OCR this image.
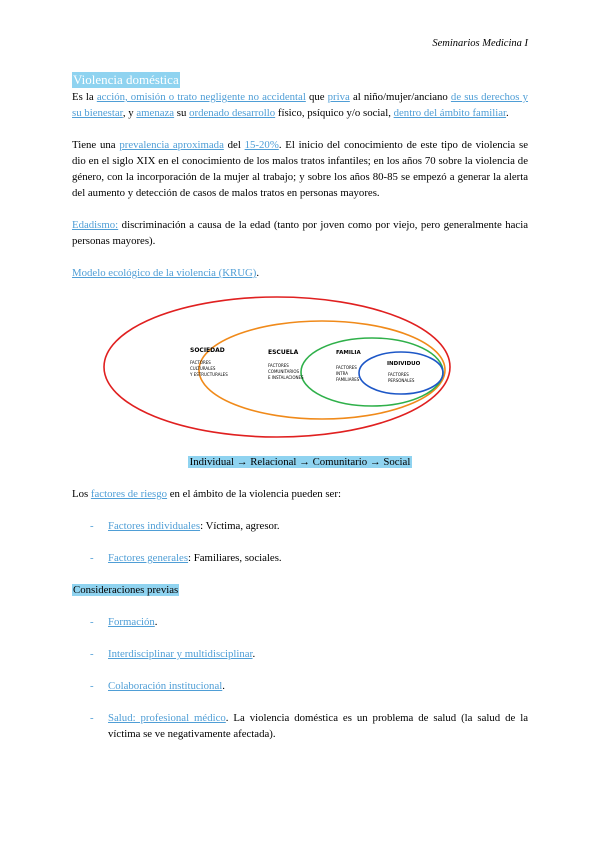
Seminarios Medicina I
Violencia doméstica

Es la acción, omisión o trato negligente no accidental que priva al niño/mujer/anciano de sus derechos y su bienestar, y amenaza su ordenado desarrollo físico, psíquico y/o social, dentro del ámbito familiar.

Tiene una prevalencia aproximada del 15-20%. El inicio del conocimiento de este tipo de violencia se dio en el siglo XIX en el conocimiento de los malos tratos infantiles; en los años 70 sobre la violencia de género, con la incorporación de la mujer al trabajo; y sobre los años 80-85 se empezó a generar la alerta del aumento y detección de casos de malos tratos en personas mayores.

Edadismo: discriminación a causa de la edad (tanto por joven como por viejo, pero generalmente hacia personas mayores).

Modelo ecológico de la violencia (KRUG).

SOCIEDAD
FACTORES
CULTURALES
Y ESTRUCTURALES
ESCUELA
FACTORES
COMUNITARIOS
E INSTALACIONES
FAMILIA
FACTORES
INTRA
FAMILIARES
INDIVIDUO
FACTORES
PERSONALES

Individual → Relacional → Comunitario → Social

Los factores de riesgo en el ámbito de la violencia pueden ser:

- Factores individuales: Víctima, agresor.
- Factores generales: Familiares, sociales.

Consideraciones previas

- Formación.
- Interdisciplinar y multidisciplinar.
- Colaboración institucional.
- Salud: profesional médico. La violencia doméstica es un problema de salud (la salud de la víctima se ve negativamente afectada).
